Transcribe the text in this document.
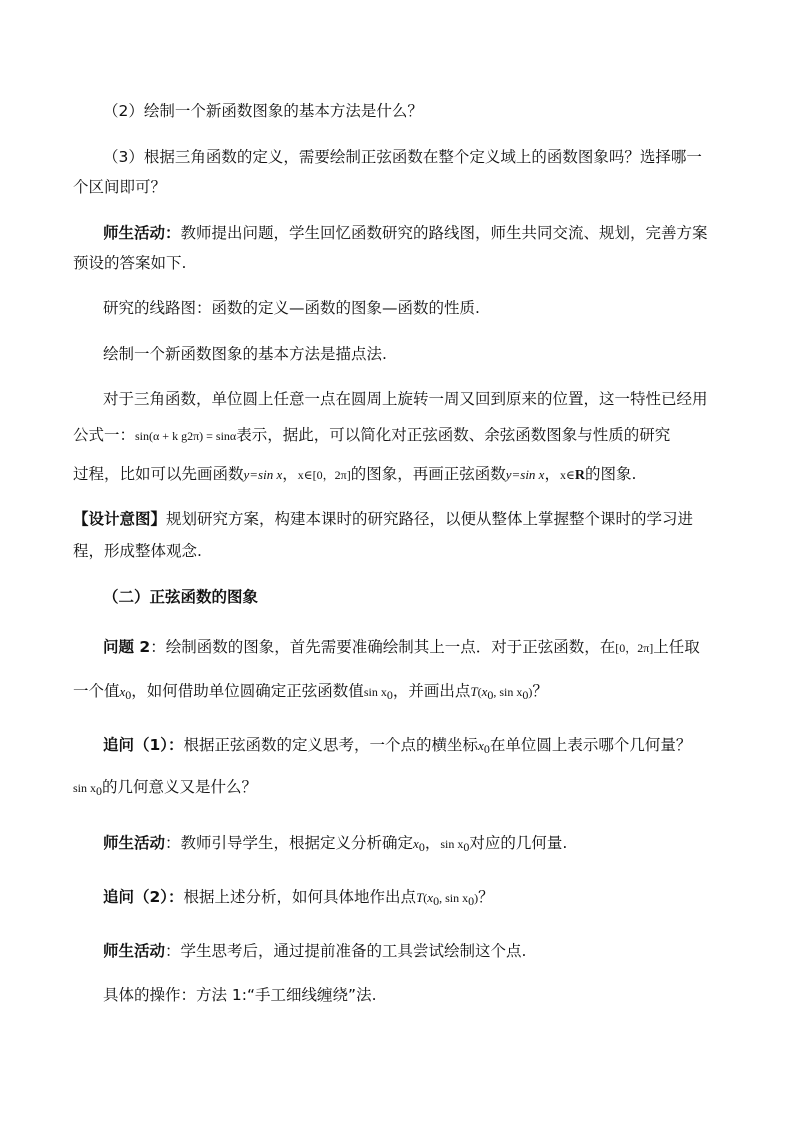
（2）绘制一个新函数图象的基本方法是什么？

（3）根据三角函数的定义，需要绘制正弦函数在整个定义域上的函数图象吗？选择哪一

个区间即可？

师生活动：教师提出问题，学生回忆函数研究的路线图，师生共同交流、规划，完善方案

预设的答案如下.

研究的线路图：函数的定义—函数的图象—函数的性质.

绘制一个新函数图象的基本方法是描点法.

对于三角函数，单位圆上任意一点在圆周上旋转一周又回到原来的位置，这一特性已经用

公式一：sin(α + k g2π) = sinα表示，据此，可以简化对正弦函数、余弦函数图象与性质的研究

过程，比如可以先画函数y=sin x，x∈[0，2π]的图象，再画正弦函数y=sin x，x∈R的图象.

【设计意图】规划研究方案，构建本课时的研究路径，以便从整体上掌握整个课时的学习进

程，形成整体观念.

（二）正弦函数的图象

问题 2：绘制函数的图象，首先需要准确绘制其上一点．对于正弦函数，在[0，2π]上任取

一个值$x_0$，如何借助单位圆确定正弦函数值$\sin x_0$，并画出点$T(x_0$, $\sin x_0$)？

追问（1）：根据正弦函数的定义思考，一个点的横坐标$x_0$在单位圆上表示哪个几何量？

$\sin x_0$的几何意义又是什么？

师生活动：教师引导学生，根据定义分析确定$x_0$，$\sin x_0$对应的几何量.

追问（2）：根据上述分析，如何具体地作出点$T(x_0$, $\sin x_0$)？

师生活动：学生思考后，通过提前准备的工具尝试绘制这个点.

具体的操作：方法 1:“手工细线缠绕”法.
